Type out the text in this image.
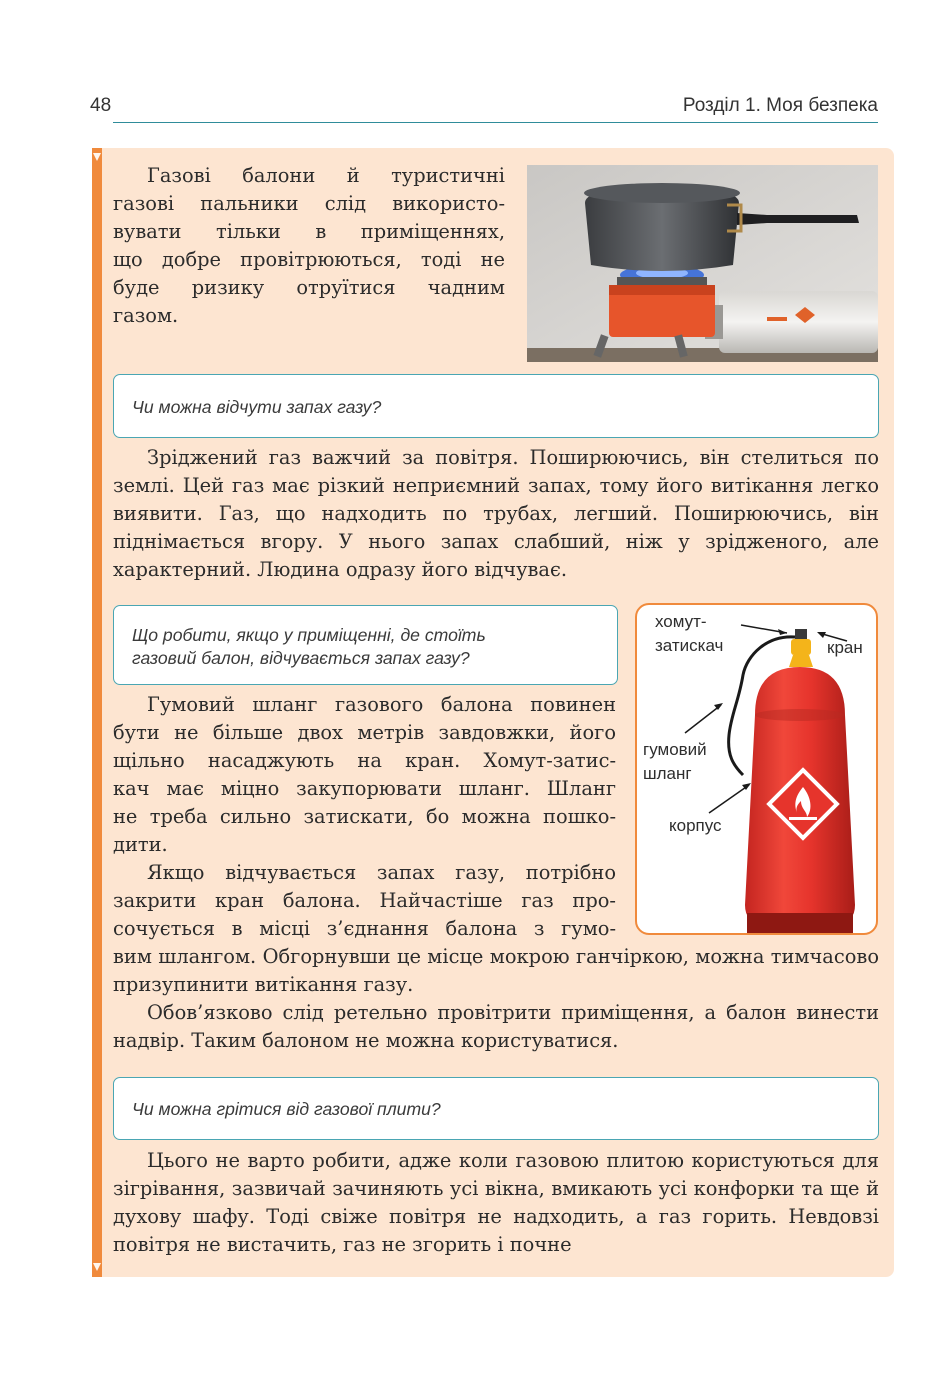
48	Розділ 1. Моя безпека
Газові балони й туристичні
газові пальники слід використо-
вувати тільки в приміщеннях,
що добре провітрюються, тоді не
буде ризику отруїтися чадним
газом.
Чи можна відчути запах газу?

Зріджений газ важчий за повітря. Поширюючись, він стелиться по землі. Цей газ має різкий неприємний запах, тому його витікання легко виявити. Газ, що надходить по трубах, легший. Поширюючись, він піднімається вгору. У нього запах слабший, ніж у зрідженого, але характерний. Людина одразу його відчуває.

Що робити, якщо у приміщенні, де стоїть
газовий балон, відчувається запах газу?
Гумовий шланг газового балона повинен
бути не більше двох метрів завдовжки, його
щільно насаджують на кран. Хомут-затис-
кач має міцно закупорювати шланг. Шланг
не треба сильно затискати, бо можна пошко-
дити.
Якщо відчувається запах газу, потрібно
закрити кран балона. Найчастіше газ про-
сочується в місці з’єднання балона з гумо-

вим шлангом. Обгорнувши це місце мокрою ганчіркою, можна тимчасово призупинити витікання газу.

Обов’язково слід ретельно провітрити приміщення, а балон винести надвір. Таким балоном не можна користуватися.

хомут-
затискач	кран
гумовий
шланг
корпус
Чи можна грітися від газової плити?

Цього не варто робити, адже коли газовою плитою користуються для зігрівання, зазвичай зачиняють усі вікна, вмикають усі конфорки та ще й духову шафу. Тоді свіже повітря не надходить, а газ горить. Невдовзі повітря не вистачить, газ не згорить і почне
